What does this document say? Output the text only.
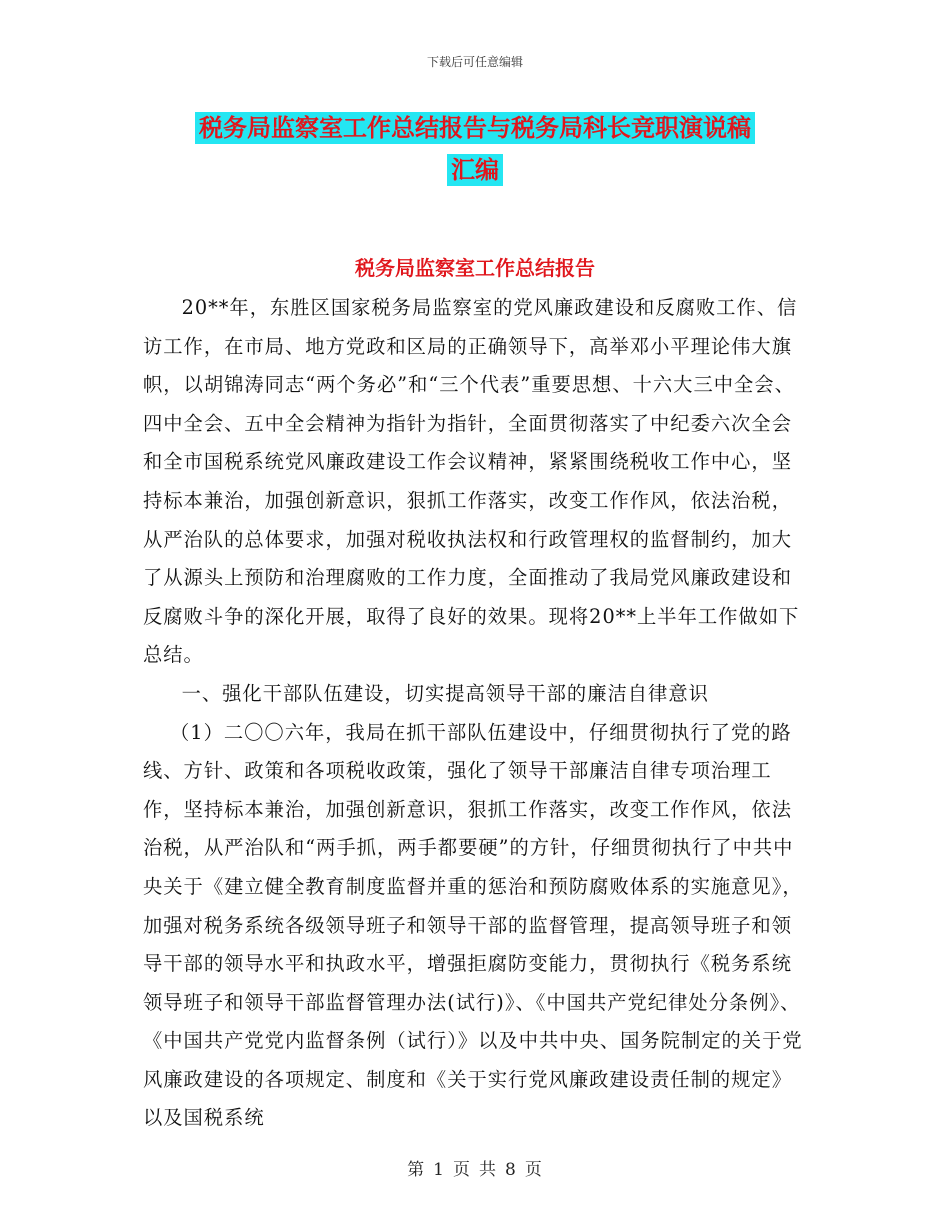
下载后可任意编辑
税务局监察室工作总结报告与税务局科长竞职演说稿
汇编
税务局监察室工作总结报告

20**年，东胜区国家税务局监察室的党风廉政建设和反腐败工作、信访工作，在市局、地方党政和区局的正确领导下，高举邓小平理论伟大旗帜，以胡锦涛同志“两个务必”和“三个代表”重要思想、十六大三中全会、四中全会、五中全会精神为指针为指针，全面贯彻落实了中纪委六次全会和全市国税系统党风廉政建设工作会议精神，紧紧围绕税收工作中心，坚持标本兼治，加强创新意识，狠抓工作落实，改变工作作风，依法治税，从严治队的总体要求，加强对税收执法权和行政管理权的监督制约，加大了从源头上预防和治理腐败的工作力度，全面推动了我局党风廉政建设和反腐败斗争的深化开展，取得了良好的效果。现将20**上半年工作做如下总结。

一、强化干部队伍建设，切实提高领导干部的廉洁自律意识

（1）二〇〇六年，我局在抓干部队伍建设中，仔细贯彻执行了党的路线、方针、政策和各项税收政策，强化了领导干部廉洁自律专项治理工作，坚持标本兼治，加强创新意识，狠抓工作落实，改变工作作风，依法治税，从严治队和“两手抓，两手都要硬”的方针，仔细贯彻执行了中共中央关于《建立健全教育制度监督并重的惩治和预防腐败体系的实施意见》，加强对税务系统各级领导班子和领导干部的监督管理，提高领导班子和领导干部的领导水平和执政水平，增强拒腐防变能力，贯彻执行《税务系统领导班子和领导干部监督管理办法(试行)》、《中国共产党纪律处分条例》、《中国共产党党内监督条例（试行）》以及中共中央、国务院制定的关于党风廉政建设的各项规定、制度和《关于实行党风廉政建设责任制的规定》以及国税系统

第 1 页 共 8 页
